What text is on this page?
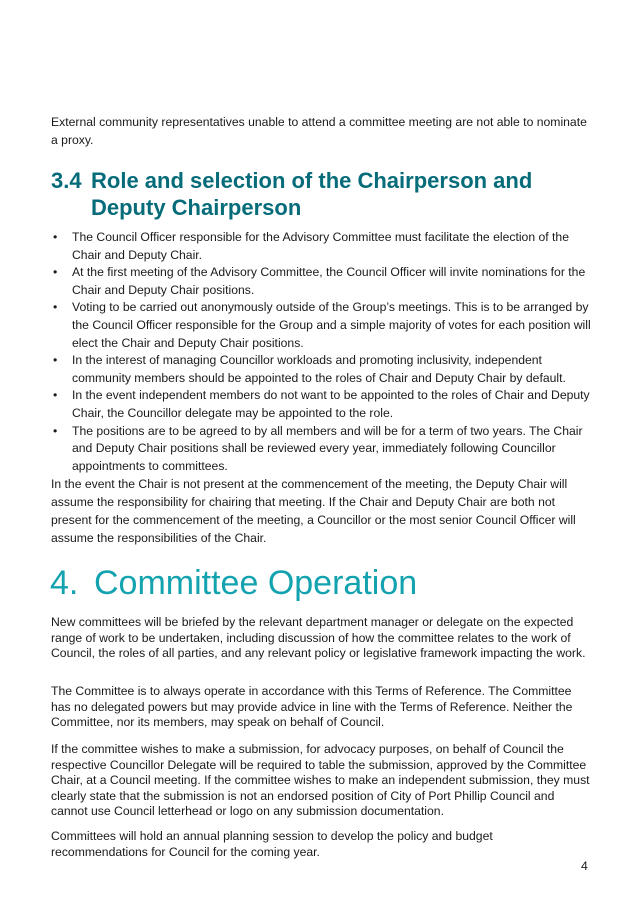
External community representatives unable to attend a committee meeting are not able to nominate a proxy.

3.4 Role and selection of the Chairperson and
Deputy Chairperson
• The Council Officer responsible for the Advisory Committee must facilitate the election of the Chair and Deputy Chair.
• At the first meeting of the Advisory Committee, the Council Officer will invite nominations for the Chair and Deputy Chair positions.
• Voting to be carried out anonymously outside of the Group’s meetings. This is to be arranged by the Council Officer responsible for the Group and a simple majority of votes for each position will elect the Chair and Deputy Chair positions.
• In the interest of managing Councillor workloads and promoting inclusivity, independent community members should be appointed to the roles of Chair and Deputy Chair by default.
• In the event independent members do not want to be appointed to the roles of Chair and Deputy Chair, the Councillor delegate may be appointed to the role.
• The positions are to be agreed to by all members and will be for a term of two years. The Chair and Deputy Chair positions shall be reviewed every year, immediately following Councillor appointments to committees.

In the event the Chair is not present at the commencement of the meeting, the Deputy Chair will assume the responsibility for chairing that meeting. If the Chair and Deputy Chair are both not present for the commencement of the meeting, a Councillor or the most senior Council Officer will assume the responsibilities of the Chair.

4. Committee Operation

New committees will be briefed by the relevant department manager or delegate on the expected range of work to be undertaken, including discussion of how the committee relates to the work of Council, the roles of all parties, and any relevant policy or legislative framework impacting the work.

The Committee is to always operate in accordance with this Terms of Reference. The Committee has no delegated powers but may provide advice in line with the Terms of Reference. Neither the Committee, nor its members, may speak on behalf of Council.

If the committee wishes to make a submission, for advocacy purposes, on behalf of Council the respective Councillor Delegate will be required to table the submission, approved by the Committee Chair, at a Council meeting. If the committee wishes to make an independent submission, they must clearly state that the submission is not an endorsed position of City of Port Phillip Council and cannot use Council letterhead or logo on any submission documentation.

Committees will hold an annual planning session to develop the policy and budget recommendations for Council for the coming year.

4
